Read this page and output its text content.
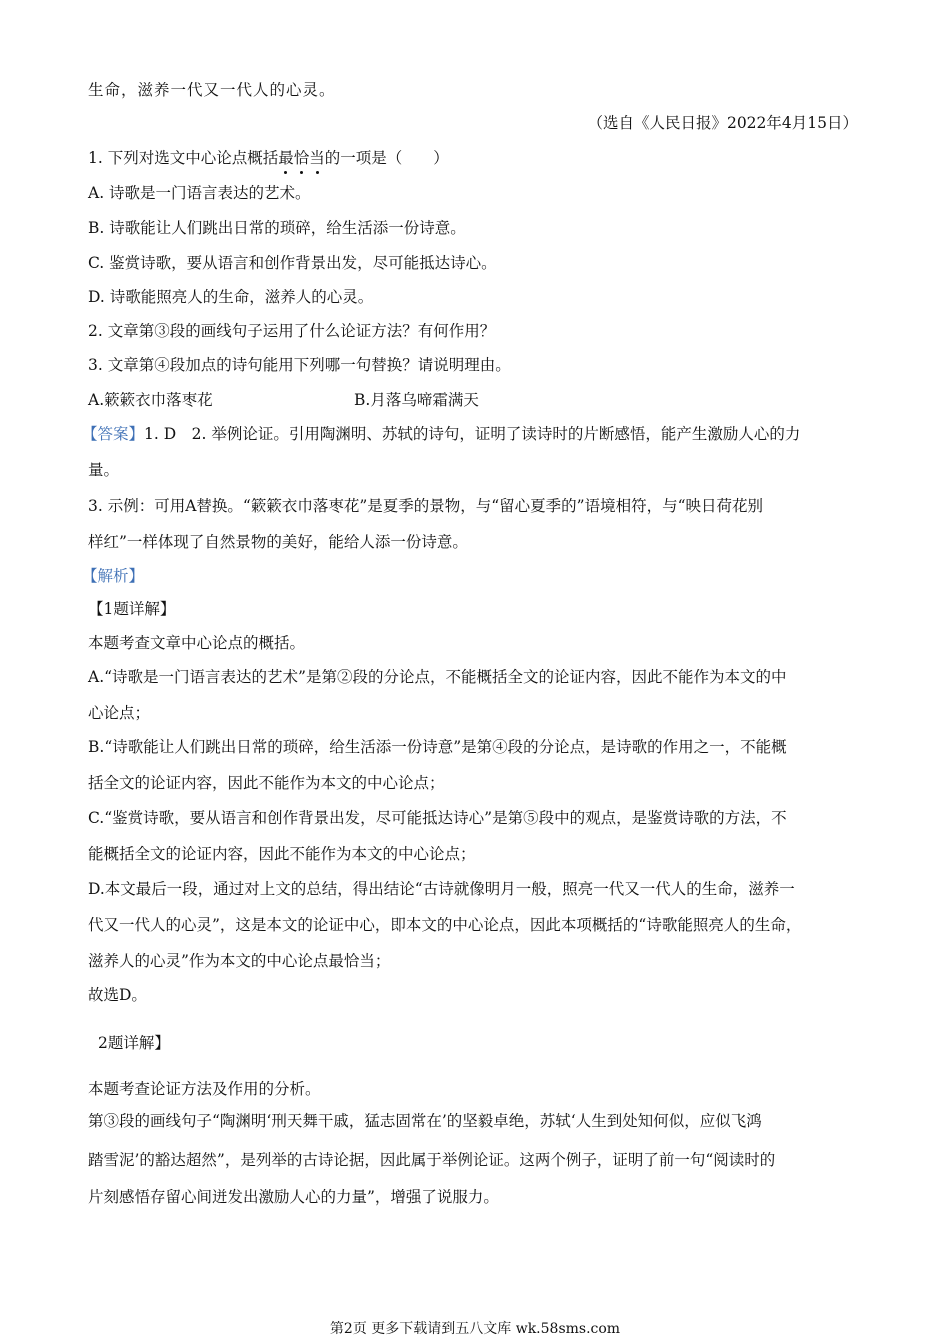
生命，滋养一代又一代人的心灵。
（选自《人民日报》2022年4月15日）
1. 下列对选文中心论点概括最恰当的一项是（　　）
A. 诗歌是一门语言表达的艺术。
B. 诗歌能让人们跳出日常的琐碎，给生活添一份诗意。
C. 鉴赏诗歌，要从语言和创作背景出发，尽可能抵达诗心。
D. 诗歌能照亮人的生命，滋养人的心灵。
2. 文章第③段的画线句子运用了什么论证方法？有何作用？
3. 文章第④段加点的诗句能用下列哪一句替换？请说明理由。
A.簌簌衣巾落枣花	B.月落乌啼霜满天
【答案】1. D　2. 举例论证。引用陶渊明、苏轼的诗句，证明了读诗时的片断感悟，能产生激励人心的力
量。
3. 示例：可用A替换。“簌簌衣巾落枣花”是夏季的景物，与“留心夏季的”语境相符，与“映日荷花别
样红”一样体现了自然景物的美好，能给人添一份诗意。
【解析】
【1题详解】
本题考查文章中心论点的概括。
A.“诗歌是一门语言表达的艺术”是第②段的分论点，不能概括全文的论证内容，因此不能作为本文的中
心论点；
B.“诗歌能让人们跳出日常的琐碎，给生活添一份诗意”是第④段的分论点，是诗歌的作用之一，不能概
括全文的论证内容，因此不能作为本文的中心论点；
C.“鉴赏诗歌，要从语言和创作背景出发，尽可能抵达诗心”是第⑤段中的观点，是鉴赏诗歌的方法，不
能概括全文的论证内容，因此不能作为本文的中心论点；
D.本文最后一段，通过对上文的总结，得出结论“古诗就像明月一般，照亮一代又一代人的生命，滋养一
代又一代人的心灵”，这是本文的论证中心，即本文的中心论点，因此本项概括的“诗歌能照亮人的生命，
滋养人的心灵”作为本文的中心论点最恰当；
故选D。
2题详解】
本题考查论证方法及作用的分析。
第③段的画线句子“陶渊明‘刑天舞干戚，猛志固常在’的坚毅卓绝，苏轼‘人生到处知何似，应似飞鸿
踏雪泥’的豁达超然”，是列举的古诗论据，因此属于举例论证。这两个例子，证明了前一句“阅读时的
片刻感悟存留心间迸发出激励人心的力量”，增强了说服力。
第2页 更多下载请到五八文库 wk.58sms.com
